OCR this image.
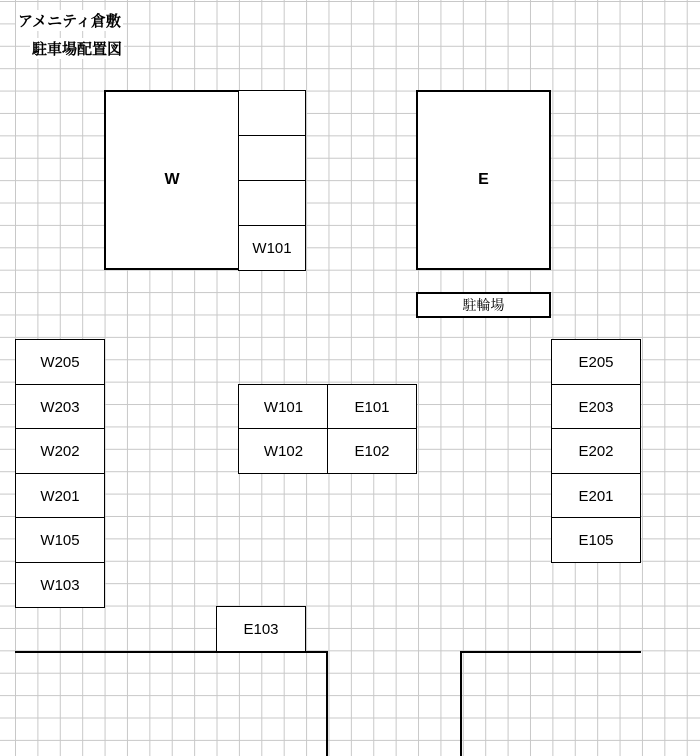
アメニティ倉敷
駐車場配置図
W
W101
E
駐輪場
W205
W203
W202
W201
W105
W103
W101
W102
E101
E102
E205
E203
E202
E201
E105
E103
